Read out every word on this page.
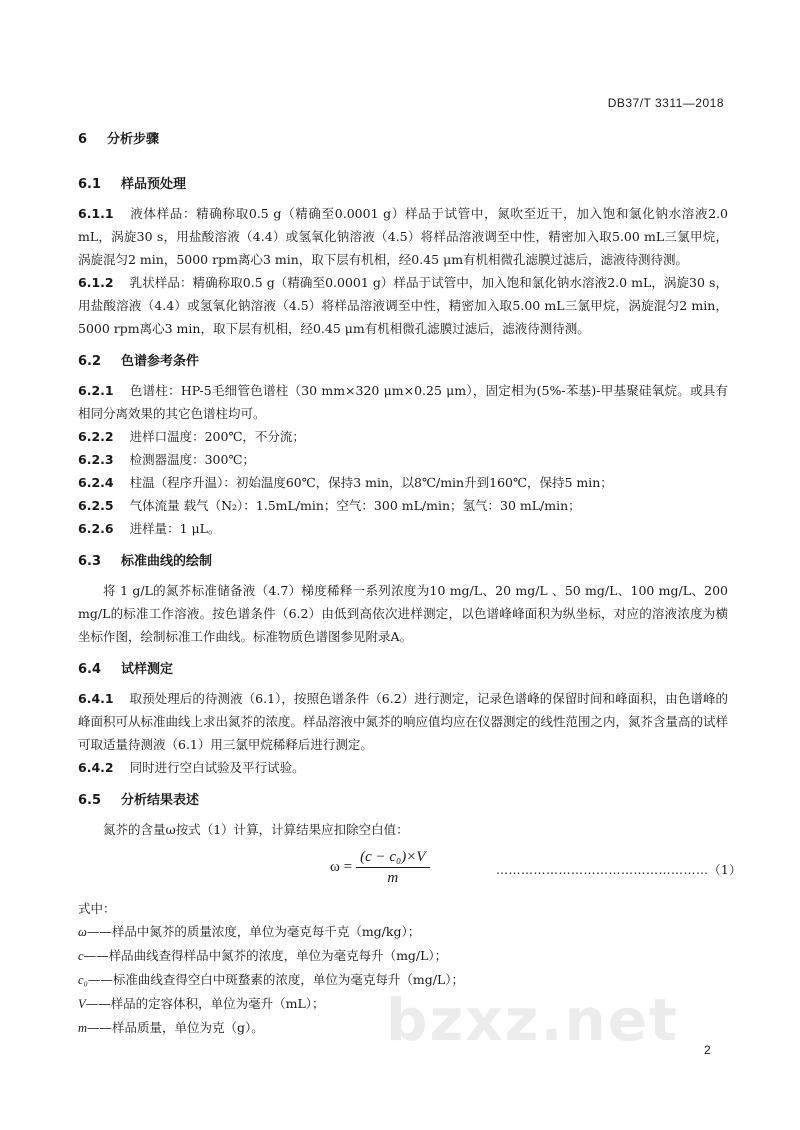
DB37/T 3311—2018
6 分析步骤
6.1 样品预处理

6.1.1 液体样品：精确称取0.5 g（精确至0.0001 g）样品于试管中，氮吹至近干，加入饱和氯化钠水溶液2.0 mL，涡旋30 s，用盐酸溶液（4.4）或氢氧化钠溶液（4.5）将样品溶液调至中性，精密加入取5.00 mL三氯甲烷，涡旋混匀2 min，5000 rpm离心3 min，取下层有机相，经0.45 μm有机相微孔滤膜过滤后，滤液待测待测。

6.1.2 乳状样品：精确称取0.5 g（精确至0.0001 g）样品于试管中，加入饱和氯化钠水溶液2.0 mL，涡旋30 s，用盐酸溶液（4.4）或氢氧化钠溶液（4.5）将样品溶液调至中性，精密加入取5.00 mL三氯甲烷，涡旋混匀2 min，5000 rpm离心3 min，取下层有机相，经0.45 μm有机相微孔滤膜过滤后，滤液待测待测。

6.2 色谱参考条件

6.2.1 色谱柱：HP-5毛细管色谱柱（30 mm×320 μm×0.25 μm），固定相为(5%-苯基)-甲基聚硅氧烷。或具有相同分离效果的其它色谱柱均可。

6.2.2 进样口温度：200℃，不分流；

6.2.3 检测器温度：300℃；

6.2.4 柱温（程序升温）：初始温度60℃，保持3 min，以8℃/min升到160℃，保持5 min；

6.2.5 气体流量 载气（N₂）：1.5mL/min；空气：300 mL/min；氢气：30 mL/min；

6.2.6 进样量：1 μL。

6.3 标准曲线的绘制

将 1 g/L的氮芥标准储备液（4.7）梯度稀释一系列浓度为10 mg/L、20 mg/L 、50 mg/L、100 mg/L、200 mg/L的标准工作溶液。按色谱条件（6.2）由低到高依次进样测定，以色谱峰峰面积为纵坐标，对应的溶液浓度为横坐标作图，绘制标准工作曲线。标准物质色谱图参见附录A。

6.4 试样测定

6.4.1 取预处理后的待测液（6.1），按照色谱条件（6.2）进行测定，记录色谱峰的保留时间和峰面积，由色谱峰的峰面积可从标准曲线上求出氮芥的浓度。样品溶液中氮芥的响应值均应在仪器测定的线性范围之内，氮芥含量高的试样可取适量待测液（6.1）用三氯甲烷稀释后进行测定。

6.4.2 同时进行空白试验及平行试验。

6.5 分析结果表述

氮芥的含量ω按式（1）计算，计算结果应扣除空白值：

$\omega = \frac{\text{(c − c₀)×V}}{m}$	……………………………………………（1）

式中：

ω——样品中氮芥的质量浓度，单位为毫克每千克（mg/kg）；

c——样品曲线查得样品中氮芥的浓度，单位为毫克每升（mg/L）；

c₀——标准曲线查得空白中斑蝥素的浓度，单位为毫克每升（mg/L）；

V——样品的定容体积，单位为毫升（mL）；

m——样品质量，单位为克（g）。	bzxz.net 2
